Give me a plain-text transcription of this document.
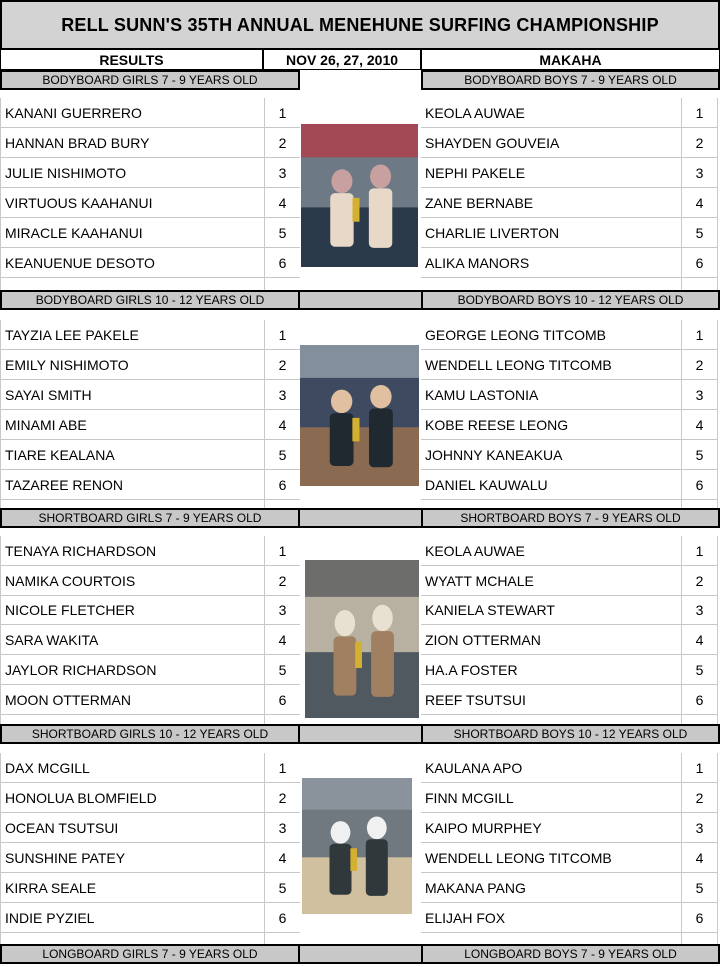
RELL SUNN'S 35TH ANNUAL MENEHUNE SURFING CHAMPIONSHIP
RESULTS	NOV 26, 27, 2010	MAKAHA
BODYBOARD GIRLS 7 - 9 YEARS OLD	BODYBOARD BOYS 7 - 9 YEARS OLD
KANANI GUERRERO	1
HANNAN BRAD BURY	2
JULIE NISHIMOTO	3
VIRTUOUS KAAHANUI	4
MIRACLE KAAHANUI	5
KEANUENUE DESOTO	6
KEOLA AUWAE	1
SHAYDEN GOUVEIA	2
NEPHI PAKELE	3
ZANE BERNABE	4
CHARLIE LIVERTON	5
ALIKA MANORS	6
BODYBOARD GIRLS 10 - 12 YEARS OLD	BODYBOARD BOYS 10 - 12 YEARS OLD
TAYZIA LEE PAKELE	1
EMILY NISHIMOTO	2
SAYAI SMITH	3
MINAMI ABE	4
TIARE KEALANA	5
TAZAREE RENON	6
GEORGE LEONG TITCOMB	1
WENDELL LEONG TITCOMB	2
KAMU LASTONIA	3
KOBE REESE LEONG	4
JOHNNY KANEAKUA	5
DANIEL KAUWALU	6
SHORTBOARD GIRLS 7 - 9 YEARS OLD	SHORTBOARD BOYS 7 - 9 YEARS OLD
TENAYA RICHARDSON	1
NAMIKA COURTOIS	2
NICOLE FLETCHER	3
SARA WAKITA	4
JAYLOR RICHARDSON	5
MOON OTTERMAN	6
KEOLA AUWAE	1
WYATT MCHALE	2
KANIELA STEWART	3
ZION OTTERMAN	4
HA.A FOSTER	5
REEF TSUTSUI	6
SHORTBOARD GIRLS 10 - 12 YEARS OLD	SHORTBOARD BOYS 10 - 12 YEARS OLD
DAX MCGILL	1
HONOLUA BLOMFIELD	2
OCEAN TSUTSUI	3
SUNSHINE PATEY	4
KIRRA SEALE	5
INDIE PYZIEL	6
KAULANA APO	1
FINN MCGILL	2
KAIPO MURPHEY	3
WENDELL LEONG TITCOMB	4
MAKANA PANG	5
ELIJAH FOX	6
LONGBOARD GIRLS 7 - 9 YEARS OLD	LONGBOARD BOYS 7 - 9 YEARS OLD
